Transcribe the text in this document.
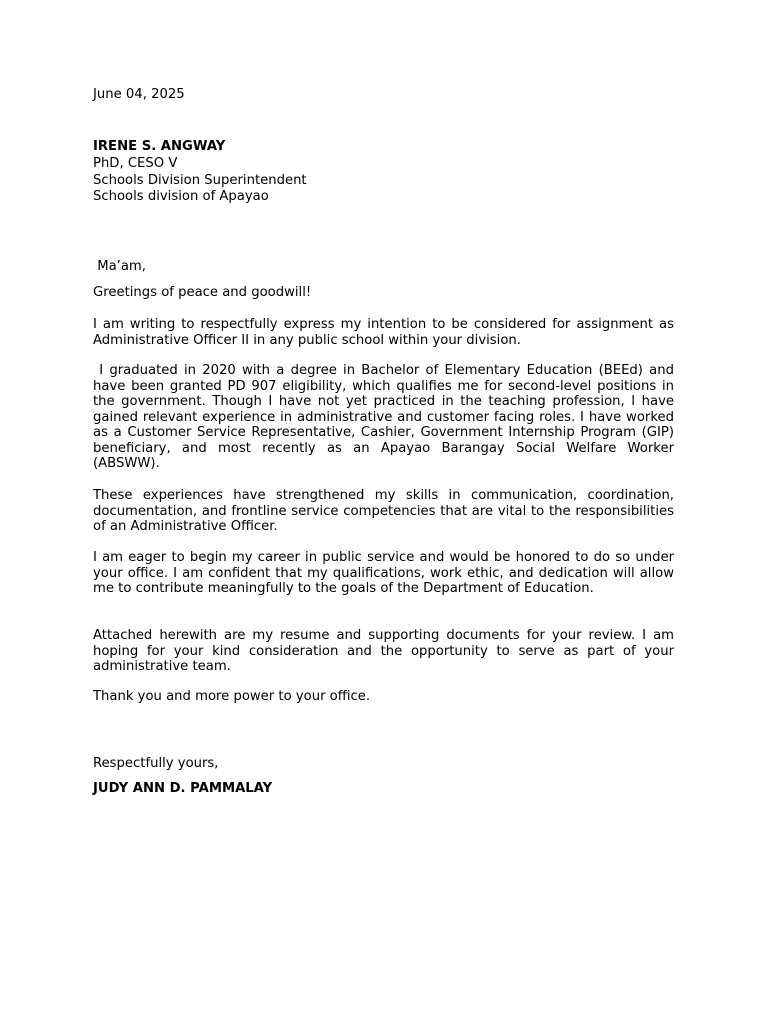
June 04, 2025

IRENE S. ANGWAY

PhD, CESO V

Schools Division Superintendent

Schools division of Apayao

Ma’am,

Greetings of peace and goodwill!

I am writing to respectfully express my intention to be considered for assignment as Administrative Officer II in any public school within your division.

I graduated in 2020 with a degree in Bachelor of Elementary Education (BEEd) and have been granted PD 907 eligibility, which qualifies me for second-level positions in the government. Though I have not yet practiced in the teaching profession, I have gained relevant experience in administrative and customer facing roles. I have worked as a Customer Service Representative, Cashier, Government Internship Program (GIP) beneficiary, and most recently as an Apayao Barangay Social Welfare Worker (ABSWW).

These experiences have strengthened my skills in communication, coordination, documentation, and frontline service competencies that are vital to the responsibilities of an Administrative Officer.

I am eager to begin my career in public service and would be honored to do so under your office. I am confident that my qualifications, work ethic, and dedication will allow me to contribute meaningfully to the goals of the Department of Education.

Attached herewith are my resume and supporting documents for your review. I am hoping for your kind consideration and the opportunity to serve as part of your administrative team.

Thank you and more power to your office.

Respectfully yours,

JUDY ANN D. PAMMALAY
